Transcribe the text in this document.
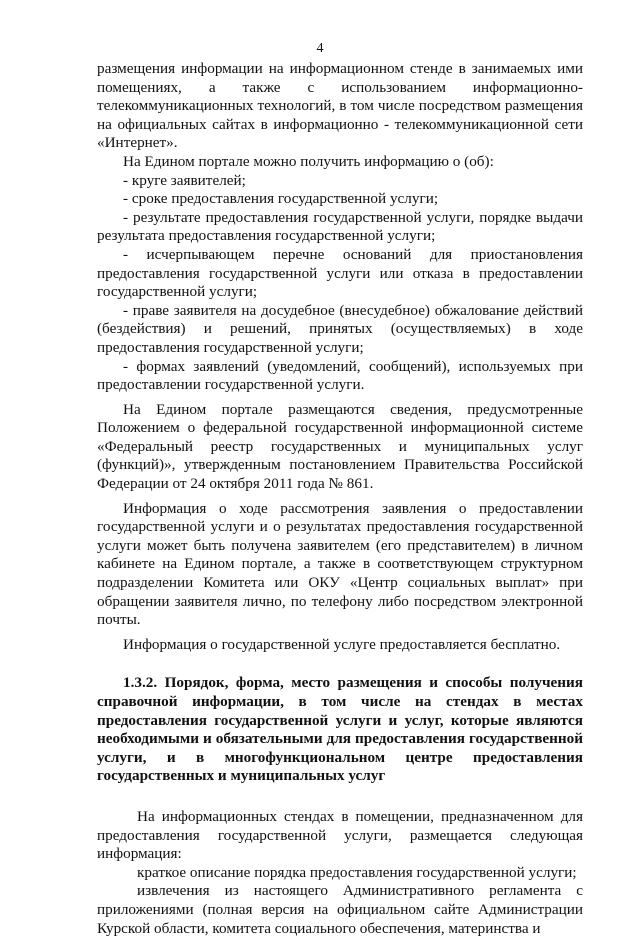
4

размещения информации на информационном стенде в занимаемых ими помещениях, а также с использованием информационно-телекоммуникационных технологий, в том числе посредством размещения на официальных сайтах в информационно - телекоммуникационной сети «Интернет».

На Едином портале можно получить информацию о (об):

- круге заявителей;

- сроке предоставления государственной услуги;

- результате предоставления государственной услуги, порядке выдачи результата предоставления государственной услуги;

- исчерпывающем перечне оснований для приостановления предоставления государственной услуги или отказа в предоставлении государственной услуги;

- праве заявителя на досудебное (внесудебное) обжалование действий (бездействия) и решений, принятых (осуществляемых) в ходе предоставления государственной услуги;

- формах заявлений (уведомлений, сообщений), используемых при предоставлении государственной услуги.

На Едином портале размещаются сведения, предусмотренные Положением о федеральной государственной информационной системе «Федеральный реестр государственных и муниципальных услуг (функций)», утвержденным постановлением Правительства Российской Федерации от 24 октября 2011 года № 861.

Информация о ходе рассмотрения заявления о предоставлении государственной услуги и о результатах предоставления государственной услуги может быть получена заявителем (его представителем) в личном кабинете на Едином портале, а также в соответствующем структурном подразделении Комитета или ОКУ «Центр социальных выплат» при обращении заявителя лично, по телефону либо посредством электронной почты.

Информация о государственной услуге предоставляется бесплатно.

1.3.2. Порядок, форма, место размещения и способы получения справочной информации, в том числе на стендах в местах предоставления государственной услуги и услуг, которые являются необходимыми и обязательными для предоставления государственной услуги, и в многофункциональном центре предоставления государственных и муниципальных услуг

На информационных стендах в помещении, предназначенном для предоставления государственной услуги, размещается следующая информация:

краткое описание порядка предоставления государственной услуги;

извлечения из настоящего Административного регламента с приложениями (полная версия на официальном сайте Администрации Курской области, комитета социального обеспечения, материнства и
